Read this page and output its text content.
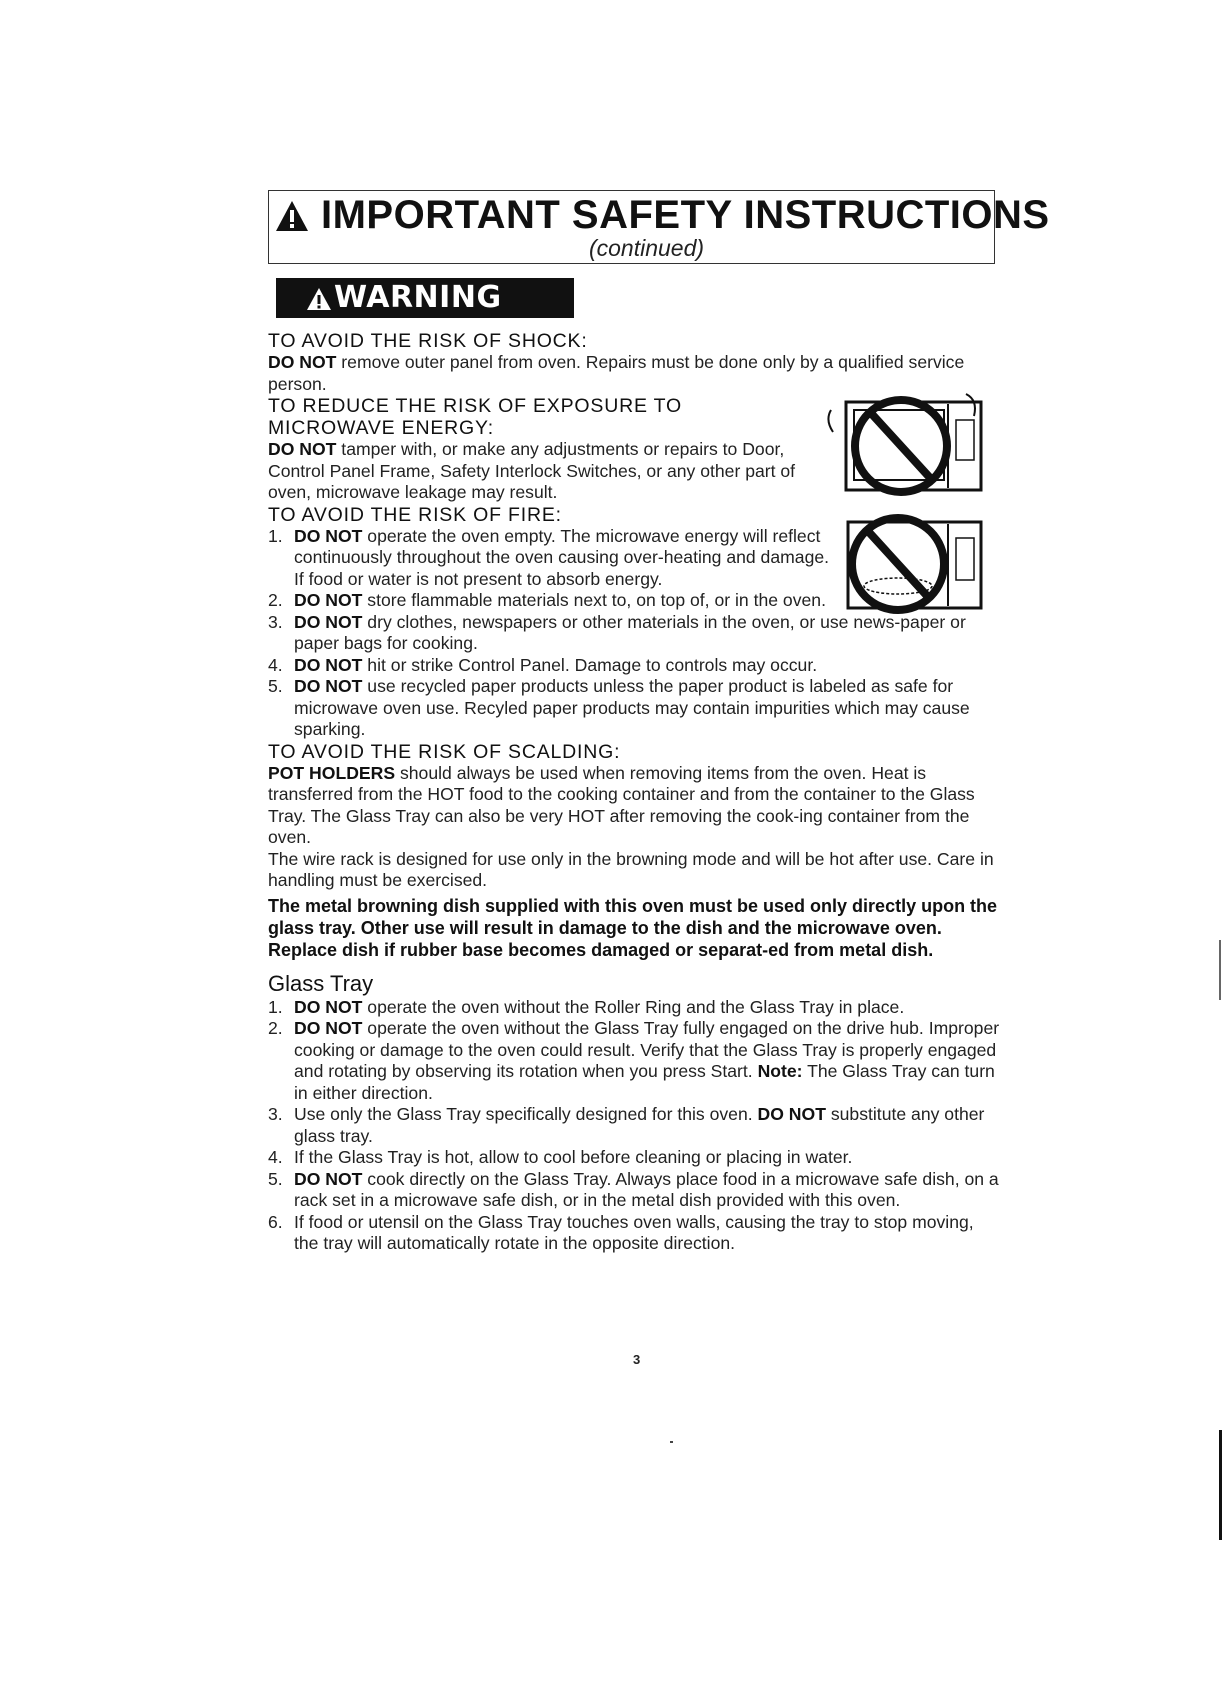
IMPORTANT SAFETY INSTRUCTIONS
(continued)
WARNING
TO AVOID THE RISK OF SHOCK:

DO NOT remove outer panel from oven. Repairs must be done only by a qualified service person.

TO REDUCE THE RISK OF EXPOSURE TO
MICROWAVE ENERGY:

DO NOT tamper with, or make any adjustments or repairs to Door, Control Panel Frame, Safety Interlock Switches, or any other part of oven, microwave leakage may result.

TO AVOID THE RISK OF FIRE:
1. DO NOT operate the oven empty. The microwave energy will reflect continuously throughout the oven causing over-heating and damage. If food or water is not present to absorb energy.
2. DO NOT store flammable materials next to, on top of, or in the oven.
3. DO NOT dry clothes, newspapers or other materials in the oven, or use news-paper or paper bags for cooking.
4. DO NOT hit or strike Control Panel. Damage to controls may occur.
5. DO NOT use recycled paper products unless the paper product is labeled as safe for microwave oven use. Recyled paper products may contain impurities which may cause sparking.
TO AVOID THE RISK OF SCALDING:

POT HOLDERS should always be used when removing items from the oven. Heat is transferred from the HOT food to the cooking container and from the container to the Glass Tray. The Glass Tray can also be very HOT after removing the cook-ing container from the oven.

The wire rack is designed for use only in the browning mode and will be hot after use. Care in handling must be exercised.

The metal browning dish supplied with this oven must be used only directly upon the glass tray. Other use will result in damage to the dish and the microwave oven. Replace dish if rubber base becomes damaged or separat-ed from metal dish.

Glass Tray
1. DO NOT operate the oven without the Roller Ring and the Glass Tray in place.
2. DO NOT operate the oven without the Glass Tray fully engaged on the drive hub. Improper cooking or damage to the oven could result. Verify that the Glass Tray is properly engaged and rotating by observing its rotation when you press Start. Note: The Glass Tray can turn in either direction.
3. Use only the Glass Tray specifically designed for this oven. DO NOT substitute any other glass tray.
4. If the Glass Tray is hot, allow to cool before cleaning or placing in water.
5. DO NOT cook directly on the Glass Tray. Always place food in a microwave safe dish, on a rack set in a microwave safe dish, or in the metal dish provided with this oven.
6. If food or utensil on the Glass Tray touches oven walls, causing the tray to stop moving, the tray will automatically rotate in the opposite direction.
3
